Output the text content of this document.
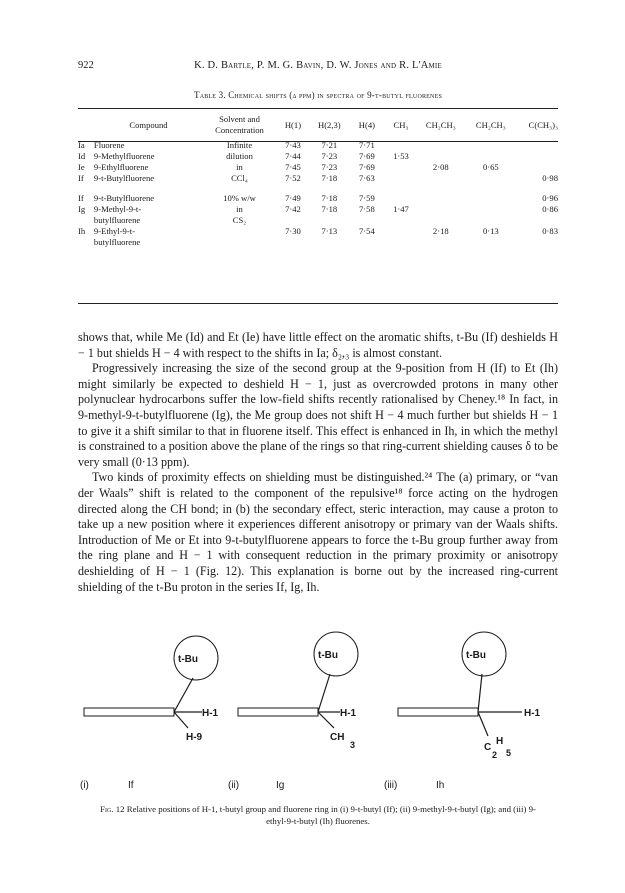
922	K. D. Bartle, P. M. G. Bavin, D. W. Jones and R. L'Amie
Table 3. Chemical shifts (δ ppm) in spectra of 9-t-butyl fluorenes
	Compound	Solvent and Concentration	H(1)	H(2,3)	H(4)	CH₃	CH₂CH₃	CH₂CH₃	C(CH₃)₃
Ia	Fluorene	Infinite	7·43	7·21	7·71				
Id	9-Methylfluorene	dilution	7·44	7·23	7·69	1·53			
Ie	9-Ethylfluorene	in	7·45	7·23	7·69		2·08	0·65	
If	9-t-Butylfluorene	CCl₄	7·52	7·18	7·63				0·98
If	9-t-Butylfluorene	10% w/w	7·49	7·18	7·59				0·96
Ig	9-Methyl-9-t-	in	7·42	7·18	7·58	1·47			0·86
	butylfluorene	CS₂							
Ih	9-Ethyl-9-t-		7·30	7·13	7·54		2·18	0·13	0·83
	butylfluorene								

shows that, while Me (Id) and Et (Ie) have little effect on the aromatic shifts, t-Bu (If) deshields H − 1 but shields H − 4 with respect to the shifts in Ia; δ₂,₃ is almost constant.

Progressively increasing the size of the second group at the 9-position from H (If) to Et (Ih) might similarly be expected to deshield H − 1, just as overcrowded protons in many other polynuclear hydrocarbons suffer the low-field shifts recently rationalised by Cheney.¹⁸ In fact, in 9-methyl-9-t-butylfluorene (Ig), the Me group does not shift H − 4 much further but shields H − 1 to give it a shift similar to that in fluorene itself. This effect is enhanced in Ih, in which the methyl is constrained to a position above the plane of the rings so that ring-current shielding causes δ to be very small (0·13 ppm).

Two kinds of proximity effects on shielding must be distinguished.²⁴ The (a) primary, or “van der Waals” shift is related to the component of the repulsive¹⁸ force acting on the hydrogen directed along the CH bond; in (b) the secondary effect, steric interaction, may cause a proton to take up a new position where it experiences different anisotropy or primary van der Waals shifts. Introduction of Me or Et into 9-t-butylfluorene appears to force the t-Bu group further away from the ring plane and H − 1 with consequent reduction in the primary proximity or anisotropy deshielding of H − 1 (Fig. 12). This explanation is borne out by the increased ring-current shielding of the t-Bu proton in the series If, Ig, Ih.

t-Bu
H-1
H-9
(i)	If
t-Bu
H-1
CH
3
(ii)	Ig
t-Bu
H-1
C
H
2 5
(iii)	Ih
Fig. 12 Relative positions of H-1, t-butyl group and fluorene ring in (i) 9-t-butyl (If); (ii) 9-methyl-9-t-butyl (Ig); and (iii) 9-ethyl-9-t-butyl (Ih) fluorenes.
